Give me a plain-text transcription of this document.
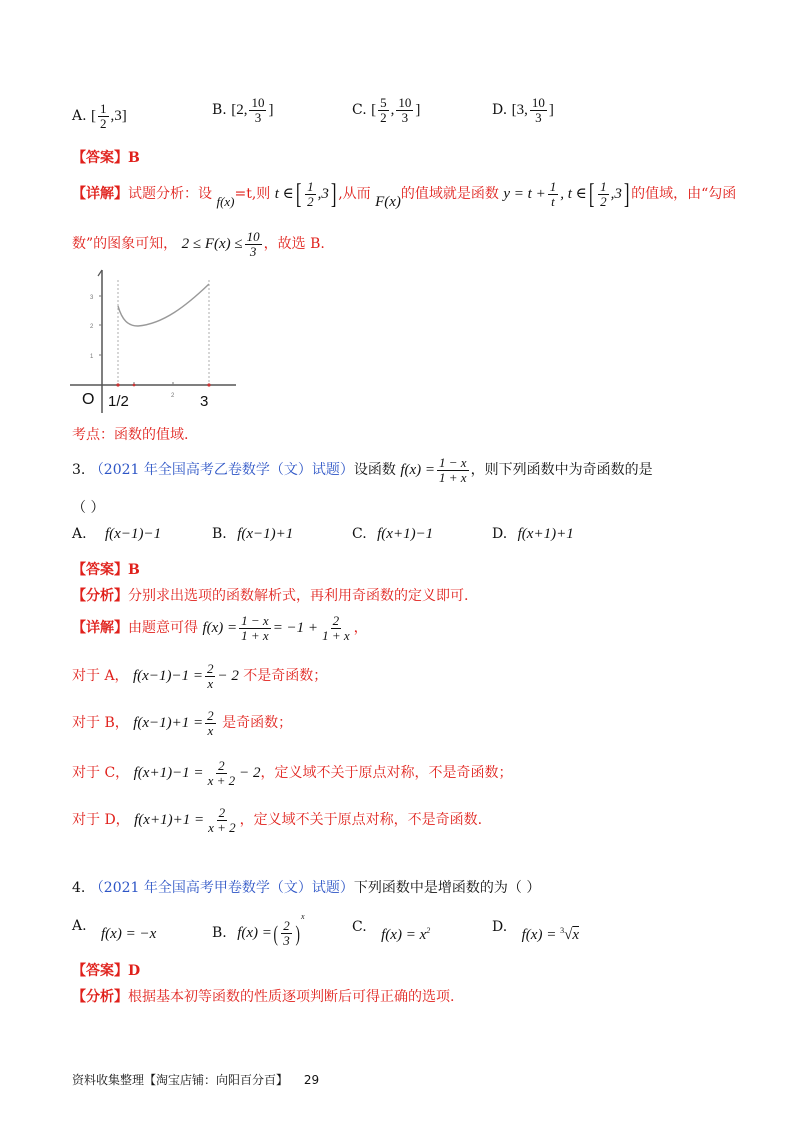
A. [ $\frac{1}{2} ,3$]	B. [2, $\frac{10}{3}$ ]	C. [ $\frac{5}{2}$ , $\frac{10}{3}$ ]	D. [3, $\frac{10}{3}$ ]
【答案】B
【详解】试题分析：设 f(x)=t,则 t ∈[ $\frac{1}{2} ,3$] ,从而 F(x)的值域就是函数 $y = t + \frac{1}{t}$ , t ∈[ $\frac{1}{2} ,3$] 的值域，由“勾函
数”的图象可知， $2 \le F(x) \le \frac{10}{3}$ ，故选 B.
3
2
1
2
O 1/2	3
考点：函数的值域.
3. （2021 年全国高考乙卷数学（文）试题）设函数 $f(x) = \frac{1 - x}{1 + x}$ ，则下列函数中为奇函数的是
（ ）
A. f(x−1)−1	B. f(x−1)+1	C. f(x+1)−1	D. f(x+1)+1
【答案】B
【分析】分别求出选项的函数解析式，再利用奇函数的定义即可.
【详解】由题意可得 $f(x) = \frac{1 - x}{1 + x} = -1 + \frac{2}{1 + x}$ ，
对于 A， $f(x-1)-1 = \frac{2}{x} - 2$ 不是奇函数；
对于 B， $f(x-1)+1 = \frac{2}{x}$ 是奇函数；
对于 C， $f(x+1)-1 = \frac{2}{x + 2} - 2$，定义域不关于原点对称，不是奇函数；
对于 D， $f(x+1)+1 = \frac{2}{x + 2}$ ，定义域不关于原点对称，不是奇函数.
4. （2021 年全国高考甲卷数学（文）试题）下列函数中是增函数的为（ ）
A. f(x) = −x	B. f(x) =( $\frac{2}{3} )^x$
C. $f(x) = x^2$	D. f(x) = $^3$√x
【答案】D
【分析】根据基本初等函数的性质逐项判断后可得正确的选项.
资料收集整理【淘宝店铺：向阳百分百】 29
